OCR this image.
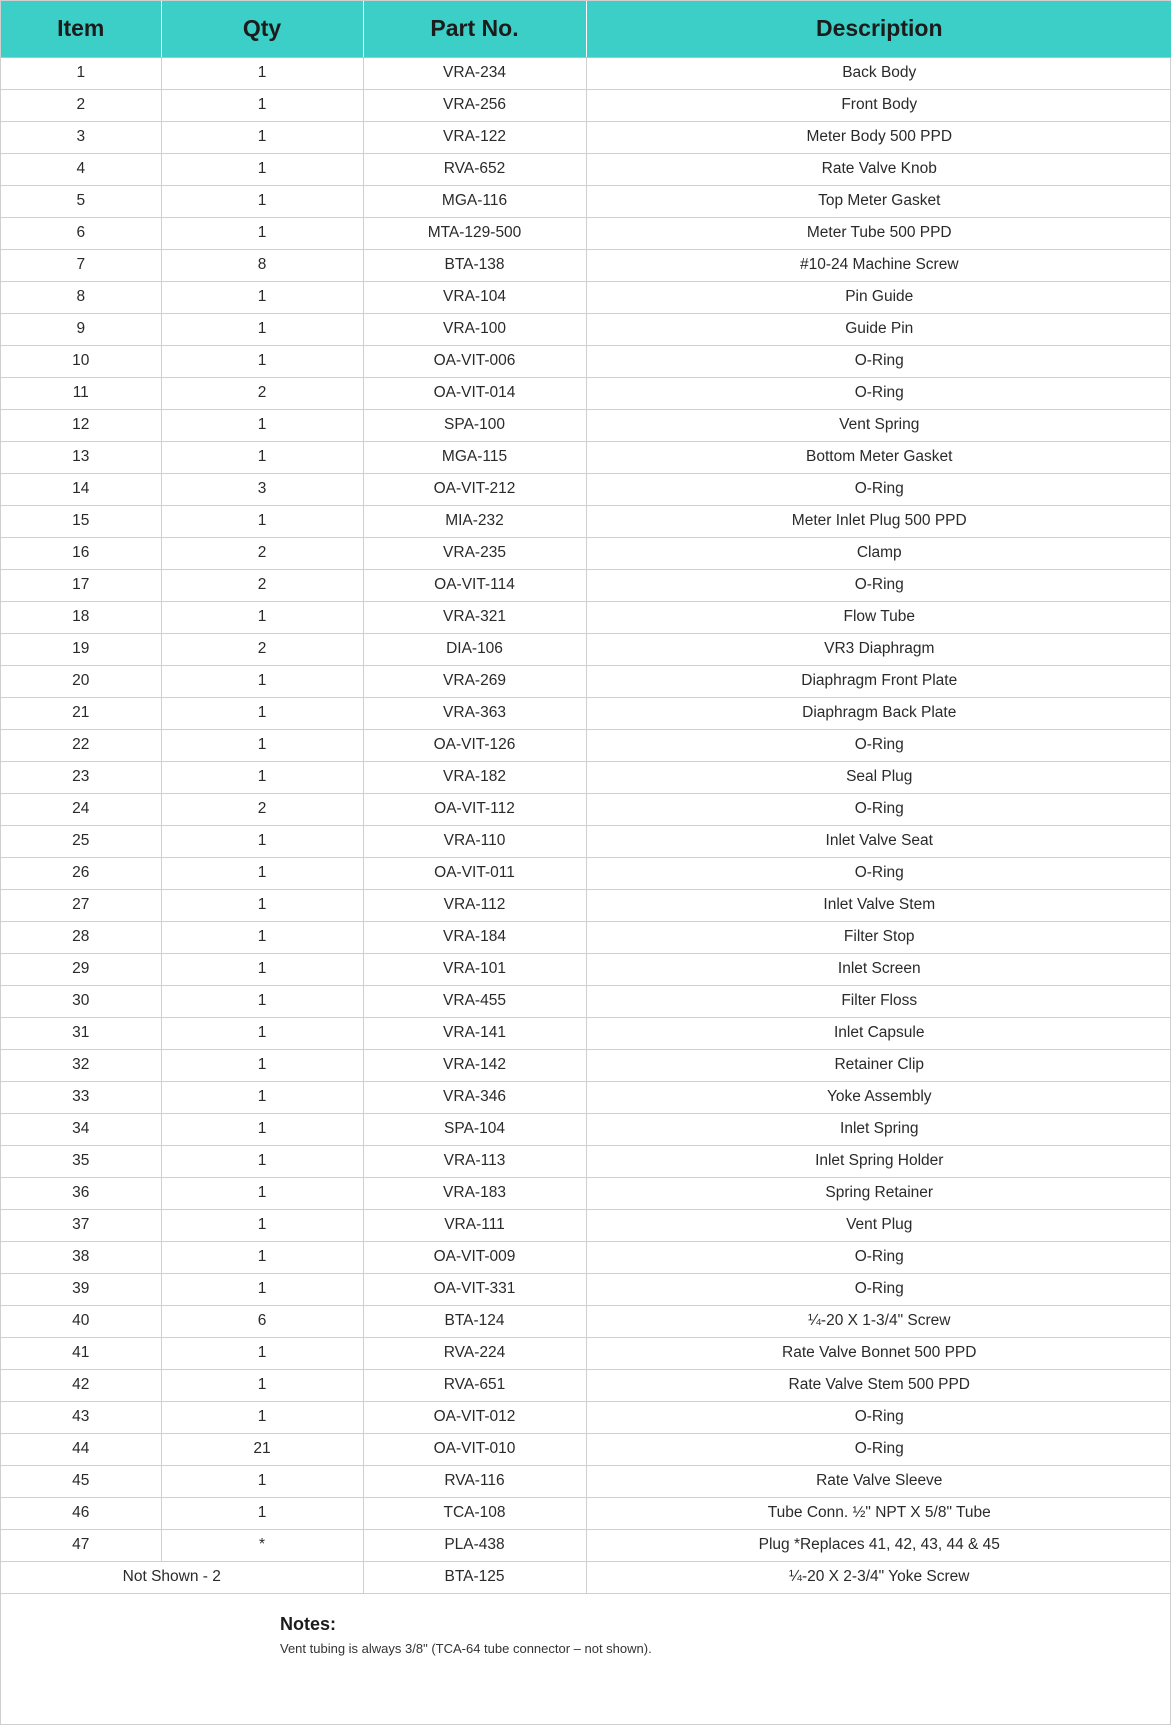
Item	Qty	Part No.	Description
1	1	VRA-234	Back Body
2	1	VRA-256	Front Body
3	1	VRA-122	Meter Body 500 PPD
4	1	RVA-652	Rate Valve Knob
5	1	MGA-116	Top Meter Gasket
6	1	MTA-129-500	Meter Tube 500 PPD
7	8	BTA-138	#10-24 Machine Screw
8	1	VRA-104	Pin Guide
9	1	VRA-100	Guide Pin
10	1	OA-VIT-006	O-Ring
11	2	OA-VIT-014	O-Ring
12	1	SPA-100	Vent Spring
13	1	MGA-115	Bottom Meter Gasket
14	3	OA-VIT-212	O-Ring
15	1	MIA-232	Meter Inlet Plug 500 PPD
16	2	VRA-235	Clamp
17	2	OA-VIT-114	O-Ring
18	1	VRA-321	Flow Tube
19	2	DIA-106	VR3 Diaphragm
20	1	VRA-269	Diaphragm Front Plate
21	1	VRA-363	Diaphragm Back Plate
22	1	OA-VIT-126	O-Ring
23	1	VRA-182	Seal Plug
24	2	OA-VIT-112	O-Ring
25	1	VRA-110	Inlet Valve Seat
26	1	OA-VIT-011	O-Ring
27	1	VRA-112	Inlet Valve Stem
28	1	VRA-184	Filter Stop
29	1	VRA-101	Inlet Screen
30	1	VRA-455	Filter Floss
31	1	VRA-141	Inlet Capsule
32	1	VRA-142	Retainer Clip
33	1	VRA-346	Yoke Assembly
34	1	SPA-104	Inlet Spring
35	1	VRA-113	Inlet Spring Holder
36	1	VRA-183	Spring Retainer
37	1	VRA-111	Vent Plug
38	1	OA-VIT-009	O-Ring
39	1	OA-VIT-331	O-Ring
40	6	BTA-124	¼-20 X 1-3/4" Screw
41	1	RVA-224	Rate Valve Bonnet 500 PPD
42	1	RVA-651	Rate Valve Stem 500 PPD
43	1	OA-VIT-012	O-Ring
44	21	OA-VIT-010	O-Ring
45	1	RVA-116	Rate Valve Sleeve
46	1	TCA-108	Tube Conn. ½" NPT X 5/8" Tube
47	*	PLA-438	Plug *Replaces 41, 42, 43, 44 & 45
Not Shown - 2		BTA-125	¼-20 X 2-3/4" Yoke Screw
Notes:
Vent tubing is always 3/8" (TCA-64 tube connector – not shown).
